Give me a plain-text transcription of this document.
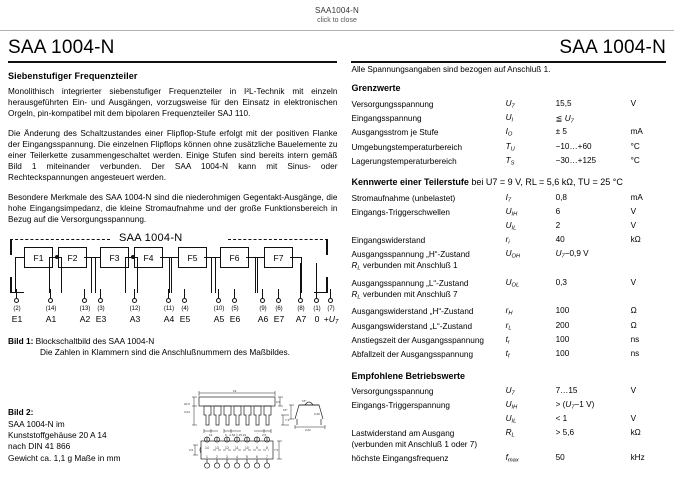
SAA1004-N
click to close
SAA 1004-N	SAA 1004-N
Siebenstufiger Frequenzteiler

Monolithisch integrierter siebenstufiger Frequenzteiler in I²L-Technik mit einzeln herausgeführten Ein- und Ausgängen, vorzugsweise für den Einsatz in elektronischen Orgeln, pin-kompatibel mit dem bipolaren Frequenzteiler SAJ 110.

Die Änderung des Schaltzustandes einer Flipflop-Stufe erfolgt mit der positiven Flanke der Eingangsspannung. Die einzelnen Flipflops können ohne zusätzliche Bauelemente zu einer Teilerkette zusammengeschaltet werden. Einige Stufen sind bereits intern gemäß Bild 1 miteinander verbunden. Der SAA 1004-N kann mit Sinus- oder Rechteckspannungen angesteuert werden.

Besondere Merkmale des SAA 1004-N sind die niederohmigen Gegentakt-Ausgänge, die hohe Eingangsimpedanz, die kleine Stromaufnahme und der große Funktionsbereich in Bezug auf die Versorgungsspannung.

SAA 1004-N
F1	F2	F3	F4	F5	F6	F7
(2)
E1
(14)
A1
(13)
A2
(3)
E3
(12)
A3
(11)
A4
(4)
E5
(10)
A5
(5)
E6
(9)
A6
(6)
E7
(8)
A7
(1)
0
(7)
$+U_7$
Bild 1: Blockschaltbild des SAA 1004-N
Die Zahlen in Klammern sind die Anschlußnummern des Maßbildes.
Bild 2:
SAA 1004-N im
Kunststoffgehäuse 20 A 14
nach DIN 41 866
Gewicht ca. 1,1 g Maße in mm
19
20,5
3,04
0,5
7,3
19	6 · 2,54 = 15,24	2,5
15°
0,25
15°
2,62
7,5
2,5	14 13 12 11 10 9 8
1 2 3 4 5 6 7
Alle Spannungsangaben sind bezogen auf Anschluß 1.
Grenzwerte
Versorgungsspannung	$U_7$	15,5	V
Eingangsspannung	$U_I$	≦ $U_7$	
Ausgangsstrom je Stufe	$I_O$	± 5	mA
Umgebungstemperaturbereich	$T_U$	−10…+60	°C
Lagerungstemperaturbereich	$T_S$	−30…+125	°C
Kennwerte einer Teilerstufe bei U7 = 9 V, RL = 5,6 kΩ, TU = 25 °C
Stromaufnahme (unbelastet)	$I_7$	0,8	mA
Eingangs-Triggerschwellen	$U_{IH}$	6	V
	$U_{IL}$	2	V
Eingangswiderstand	$r_i$	40	kΩ
Ausgangsspannung „H“-Zustand
$R_L$ verbunden mit Anschluß 1	$U_{OH}$	$U_7-0,9$ V	
Ausgangsspannung „L“-Zustand
$R_L$ verbunden mit Anschluß 7	$U_{OL}$	0,3	V
Ausgangswiderstand „H“-Zustand	$r_H$	100	Ω
Ausgangswiderstand „L“-Zustand	$r_L$	200	Ω
Anstiegszeit der Ausgangsspannung	$t_r$	100	ns
Abfallzeit der Ausgangsspannung	$t_f$	100	ns
Empfohlene Betriebswerte
Versorgungsspannung	$U_7$	7…15	V
Eingangs-Triggerspannung	$U_{IH}$	> ($U_7-1$ V)	
	$U_{IL}$	< 1	V
Lastwiderstand am Ausgang
(verbunden mit Anschluß 1 oder 7)	$R_L$	> 5,6	kΩ
höchste Eingangsfrequenz	$f_{max}$	50	kHz
